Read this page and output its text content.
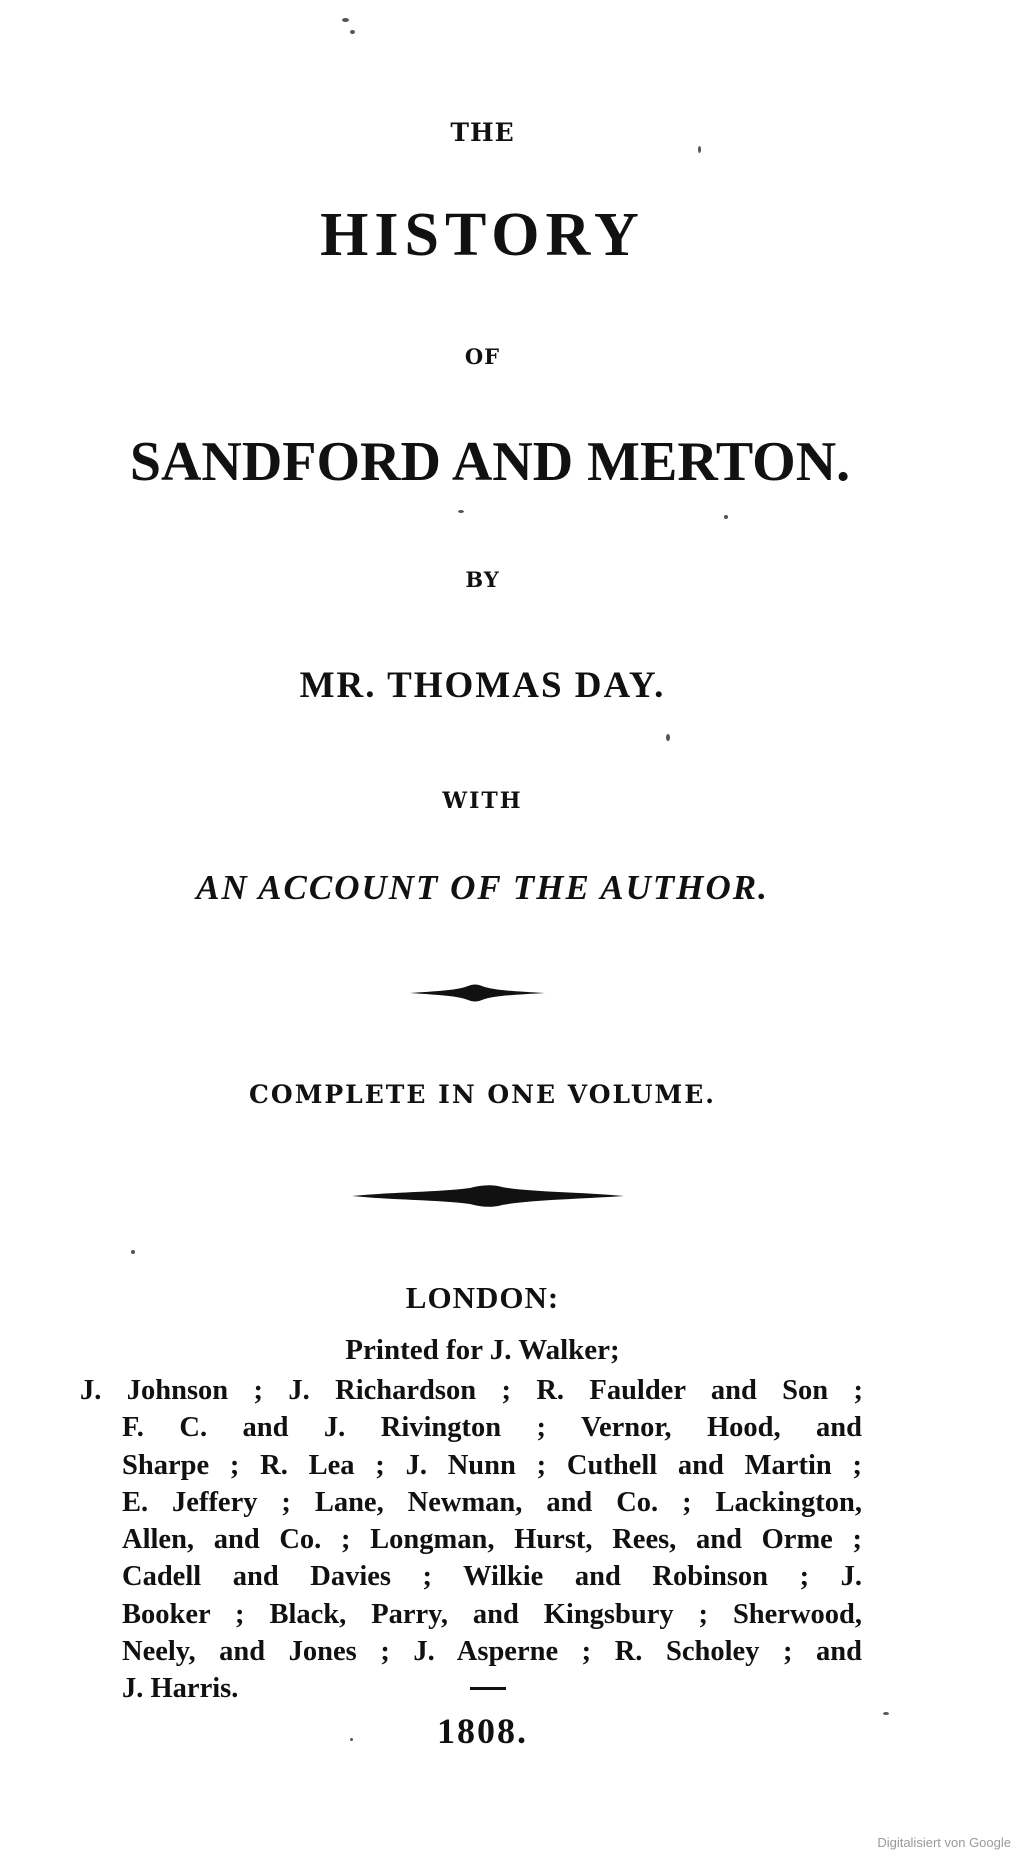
THE
HISTORY
OF
SANDFORD AND MERTON.
BY
MR. THOMAS DAY.
WITH
AN ACCOUNT OF THE AUTHOR.
COMPLETE IN ONE VOLUME.
LONDON:
Printed for J. Walker;
J. Johnson ; J. Richardson ; R. Faulder and Son ;
F. C. and J. Rivington ; Vernor, Hood, and
Sharpe ; R. Lea ; J. Nunn ; Cuthell and Martin ;
E. Jeffery ; Lane, Newman, and Co. ; Lackington,
Allen, and Co. ; Longman, Hurst, Rees, and Orme ;
Cadell and Davies ; Wilkie and Robinson ; J.
Booker ; Black, Parry, and Kingsbury ; Sherwood,
Neely, and Jones ; J. Asperne ; R. Scholey ; and
J. Harris.
1808.
Digitalisiert von Google
